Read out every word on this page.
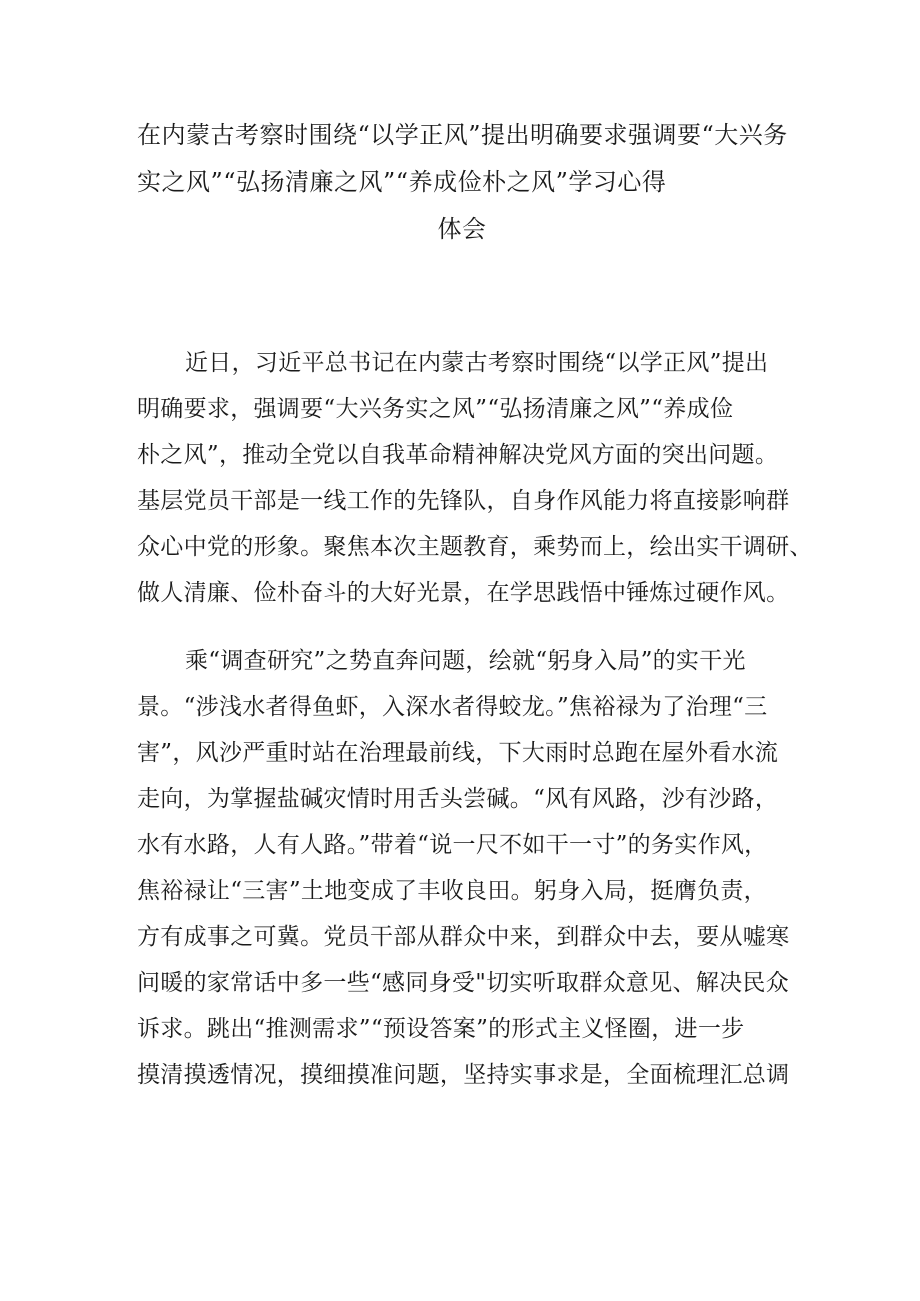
在内蒙古考察时围绕“以学正风”提出明确要求强调要“大兴务
实之风”“弘扬清廉之风”“养成俭朴之风”学习心得
体会

近日，习近平总书记在内蒙古考察时围绕“以学正风”提出
明确要求，强调要“大兴务实之风”“弘扬清廉之风”“养成俭
朴之风”，推动全党以自我革命精神解决党风方面的突出问题。
基层党员干部是一线工作的先锋队，自身作风能力将直接影响群
众心中党的形象。聚焦本次主题教育，乘势而上，绘出实干调研、
做人清廉、俭朴奋斗的大好光景，在学思践悟中锤炼过硬作风。

乘“调查研究”之势直奔问题，绘就“躬身入局”的实干光
景。“涉浅水者得鱼虾，入深水者得蛟龙。”焦裕禄为了治理“三
害”，风沙严重时站在治理最前线，下大雨时总跑在屋外看水流
走向，为掌握盐碱灾情时用舌头尝碱。“风有风路，沙有沙路，
水有水路，人有人路。”带着“说一尺不如干一寸”的务实作风，
焦裕禄让“三害”土地变成了丰收良田。躬身入局，挺膺负责，
方有成事之可冀。党员干部从群众中来，到群众中去，要从嘘寒
问暖的家常话中多一些“感同身受"切实听取群众意见、解决民众
诉求。跳出“推测需求”“预设答案”的形式主义怪圈，进一步
摸清摸透情况，摸细摸准问题，坚持实事求是，全面梳理汇总调
